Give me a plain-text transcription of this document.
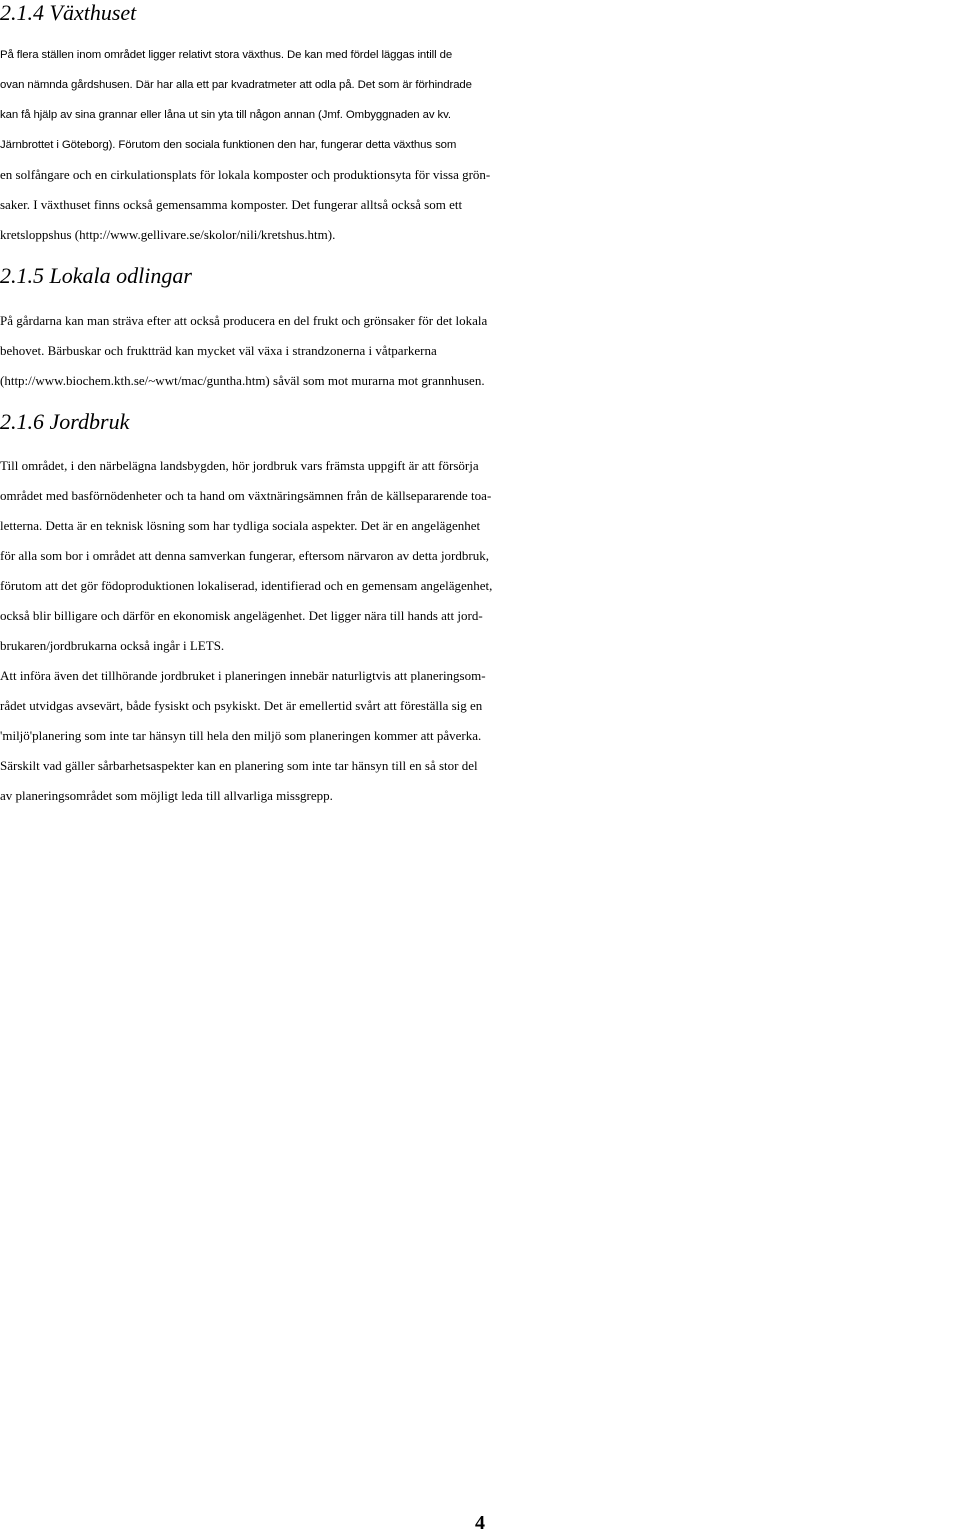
2.1.4 Växthuset
På flera ställen inom området ligger relativt stora växthus. De kan med fördel läggas intill de
ovan nämnda gårdshusen. Där har alla ett par kvadratmeter att odla på. Det som är förhindrade
kan få hjälp av sina grannar eller låna ut sin yta till någon annan (Jmf. Ombyggnaden av kv.
Järnbrottet i Göteborg). Förutom den sociala funktionen den har, fungerar detta växthus som
en solfångare och en cirkulationsplats för lokala komposter och produktionsyta för vissa grön-
saker. I växthuset finns också gemensamma komposter. Det fungerar alltså också som ett
kretsloppshus (http://www.gellivare.se/skolor/nili/kretshus.htm).
2.1.5 Lokala odlingar
På gårdarna kan man sträva efter att också producera en del frukt och grönsaker för det lokala
behovet. Bärbuskar och fruktträd kan mycket väl växa i strandzonerna i våtparkerna
(http://www.biochem.kth.se/~wwt/mac/guntha.htm) såväl som mot murarna mot grannhusen.
2.1.6 Jordbruk
Till området, i den närbelägna landsbygden, hör jordbruk vars främsta uppgift är att försörja
området med basförnödenheter och ta hand om växtnäringsämnen från de källsepararende toa-
letterna. Detta är en teknisk lösning som har tydliga sociala aspekter. Det är en angelägenhet
för alla som bor i området att denna samverkan fungerar, eftersom närvaron av detta jordbruk,
förutom att det gör födoproduktionen lokaliserad, identifierad och en gemensam angelägenhet,
också blir billigare och därför en ekonomisk angelägenhet. Det ligger nära till hands att jord-
brukaren/jordbrukarna också ingår i LETS.
Att införa även det tillhörande jordbruket i planeringen innebär naturligtvis att planeringsom-
rådet utvidgas avsevärt, både fysiskt och psykiskt. Det är emellertid svårt att föreställa sig en
'miljö'planering som inte tar hänsyn till hela den miljö som planeringen kommer att påverka.
Särskilt vad gäller sårbarhetsaspekter kan en planering som inte tar hänsyn till en så stor del
av planeringsområdet som möjligt leda till allvarliga missgrepp.
4
